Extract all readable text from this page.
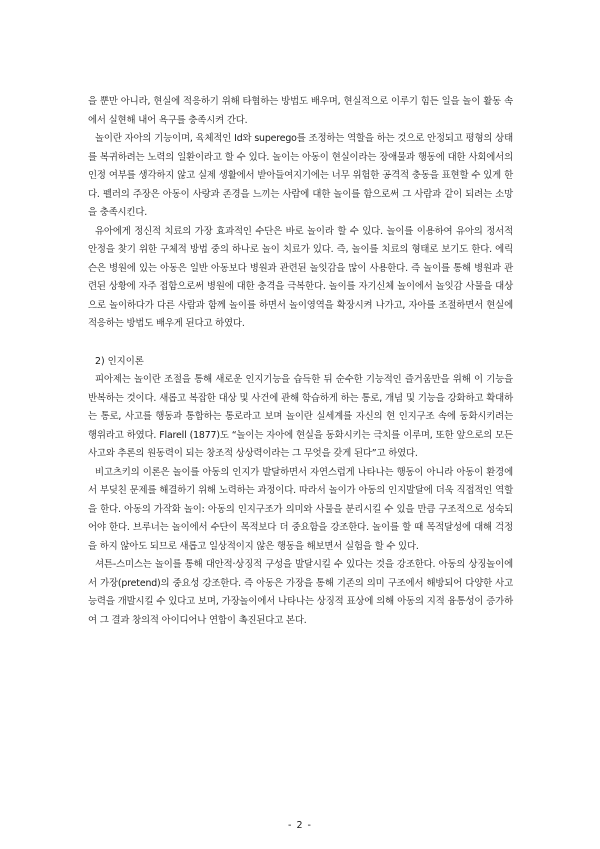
을 뿐만 아니라, 현실에 적응하기 위해 타협하는 방법도 배우며, 현실적으로 이루기 힘든 일을 놀이 활동 속에서 실현해 내어 욕구를 충족시켜 간다.

놀이란 자아의 기능이며, 육체적인 Id와 superego를 조정하는 역할을 하는 것으로 안정되고 평형의 상태를 복귀하려는 노력의 일환이라고 할 수 있다. 놀이는 아동이 현실이라는 장애물과 행동에 대한 사회에서의 인정 여부를 생각하지 않고 실제 생활에서 받아들여지기에는 너무 위험한 공격적 충동을 표현할 수 있게 한다. 펠러의 주장은 아동이 사랑과 존경을 느끼는 사람에 대한 놀이를 함으로써 그 사람과 같이 되려는 소망을 충족시킨다.

유아에게 정신적 치료의 가장 효과적인 수단은 바로 놀이라 할 수 있다. 놀이를 이용하여 유아의 정서적 안정을 찾기 위한 구체적 방법 중의 하나로 놀이 치료가 있다. 즉, 놀이를 치료의 형태로 보기도 한다. 에릭슨은 병원에 있는 아동은 일반 아동보다 병원과 관련된 놀잇감을 많이 사용한다. 즉 놀이를 통해 병원과 관련된 상황에 자주 접함으로써 병원에 대한 충격을 극복한다. 놀이를 자기신체 놀이에서 놀잇감 사물을 대상으로 놀이하다가 다른 사람과 함께 놀이를 하면서 놀이영역을 확장시켜 나가고, 자아를 조절하면서 현실에 적응하는 방법도 배우게 된다고 하였다.

2) 인지이론

피아제는 놀이란 조절을 통해 새로운 인지기능을 습득한 뒤 순수한 기능적인 즐거움만을 위해 이 기능을 반복하는 것이다. 새롭고 복잡한 대상 및 사건에 관해 학습하게 하는 통로, 개념 및 기능을 강화하고 확대하는 통로, 사고를 행동과 통합하는 통로라고 보며 놀이란 실세계를 자신의 현 인지구조 속에 동화시키려는 행위라고 하였다. Flarell (1877)도 “놀이는 자아에 현실을 동화시키는 극치를 이루며, 또한 앞으로의 모든 사고와 추론의 원동력이 되는 창조적 상상력이라는 그 무엇을 갖게 된다”고 하였다.

비고츠키의 이론은 놀이를 아동의 인지가 발달하면서 자연스럽게 나타나는 행동이 아니라 아동이 환경에서 부딪친 문제를 해결하기 위해 노력하는 과정이다. 따라서 놀이가 아동의 인지발달에 더욱 직접적인 역할을 한다. 아동의 가작화 놀이: 아동의 인지구조가 의미와 사물을 분리시킬 수 있을 만큼 구조적으로 성숙되어야 한다. 브루너는 놀이에서 수단이 목적보다 더 중요함을 강조한다. 놀이를 할 때 목적달성에 대해 걱정을 하지 않아도 되므로 새롭고 일상적이지 않은 행동을 해보면서 실험을 할 수 있다.

셔튼-스미스는 놀이를 통해 대안적·상징적 구성을 발달시킬 수 있다는 것을 강조한다. 아동의 상징놀이에서 가장(pretend)의 중요성 강조한다. 즉 아동은 가장을 통해 기존의 의미 구조에서 해방되어 다양한 사고능력을 개발시킬 수 있다고 보며, 가장놀이에서 나타나는 상징적 표상에 의해 아동의 지적 융통성이 증가하여 그 결과 창의적 아이디어나 연합이 촉진된다고 본다.

- 2 -
